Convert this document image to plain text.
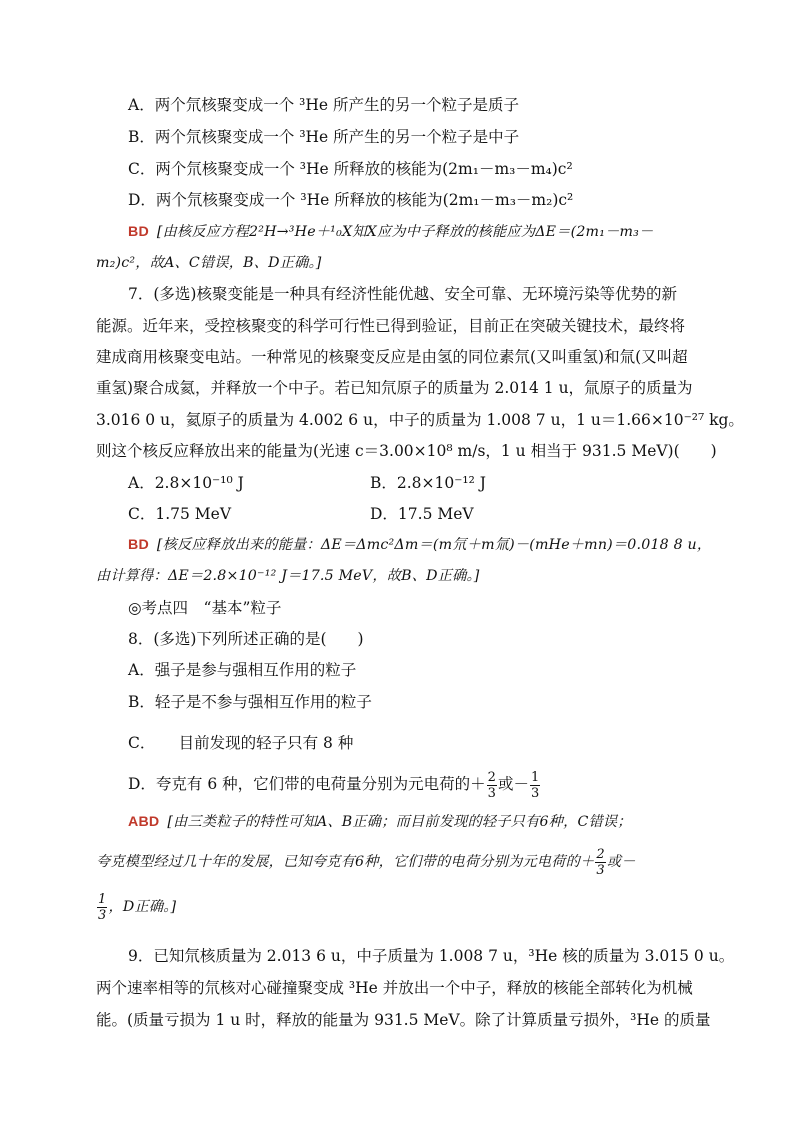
A．两个氘核聚变成一个 ³He 所产生的另一个粒子是质子
B．两个氘核聚变成一个 ³He 所产生的另一个粒子是中子
C．两个氘核聚变成一个 ³He 所释放的核能为(2m₁－m₃－m₄)c²
D．两个氘核聚变成一个 ³He 所释放的核能为(2m₁－m₃－m₂)c²
BD [由核反应方程2²H→³He＋¹₀X知X应为中子释放的核能应为ΔE＝(2m₁－m₃－
m₂)c²，故A、C错误，B、D正确。]
7．(多选)核聚变能是一种具有经济性能优越、安全可靠、无环境污染等优势的新
能源。近年来，受控核聚变的科学可行性已得到验证，目前正在突破关键技术，最终将
建成商用核聚变电站。一种常见的核聚变反应是由氢的同位素氘(又叫重氢)和氚(又叫超
重氢)聚合成氦，并释放一个中子。若已知氘原子的质量为 2.014 1 u，氚原子的质量为
3.016 0 u，氦原子的质量为 4.002 6 u，中子的质量为 1.008 7 u，1 u＝1.66×10⁻²⁷ kg。
则这个核反应释放出来的能量为(光速 c＝3.00×10⁸ m/s，1 u 相当于 931.5 MeV)(　　)
A．2.8×10⁻¹⁰ J	B．2.8×10⁻¹² J
C．1.75 MeV	D．17.5 MeV
BD [核反应释放出来的能量：ΔE＝Δmc²Δm＝(m氘＋m氚)－(mHe＋mn)＝0.018 8 u，
由计算得：ΔE＝2.8×10⁻¹² J＝17.5 MeV，故B、D正确。]
◎考点四　“基本”粒子
8．(多选)下列所述正确的是(　　)
A．强子是参与强相互作用的粒子
B．轻子是不参与强相互作用的粒子
C．　　目前发现的轻子只有 8 种
D．夸克有 6 种，它们带的电荷量分别为元电荷的＋ $\frac{2}{3}$ 或－ $\frac{1}{3}$
ABD [由三类粒子的特性可知A、B正确；而目前发现的轻子只有6种，C错误；
夸克模型经过几十年的发展，已知夸克有6种，它们带的电荷分别为元电荷的＋ $\frac{2}{3}$ 或－
$\frac{1}{3}$ ，D正确。]
9．已知氘核质量为 2.013 6 u，中子质量为 1.008 7 u，³He 核的质量为 3.015 0 u。
两个速率相等的氘核对心碰撞聚变成 ³He 并放出一个中子，释放的核能全部转化为机械
能。(质量亏损为 1 u 时，释放的能量为 931.5 MeV。除了计算质量亏损外，³He 的质量
